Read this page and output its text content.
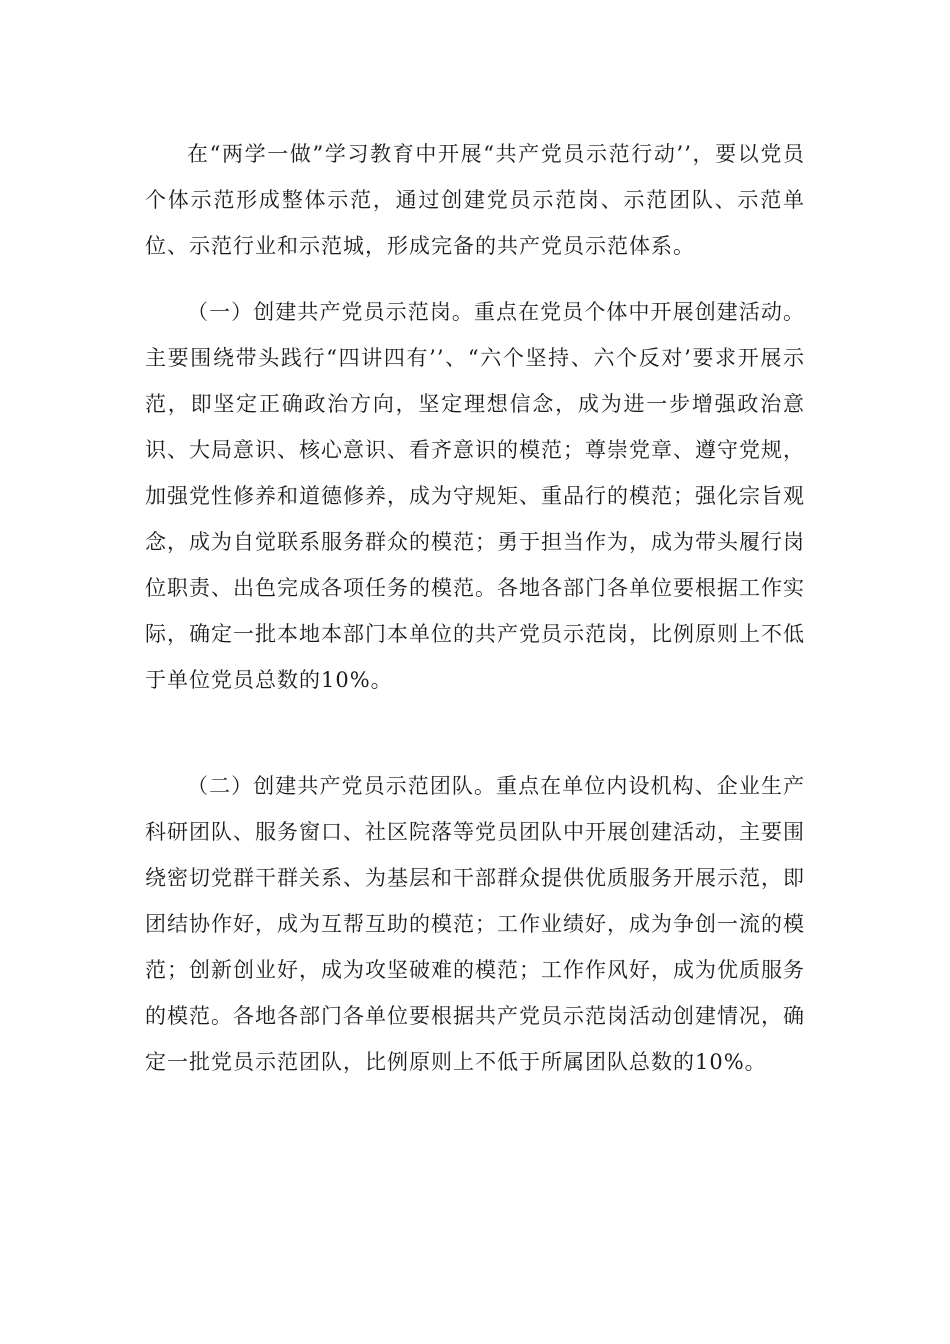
在“两学一做”学习教育中开展“共产党员示范行动’’，要以党员个体示范形成整体示范，通过创建党员示范岗、示范团队、示范单位、示范行业和示范城，形成完备的共产党员示范体系。

（一）创建共产党员示范岗。重点在党员个体中开展创建活动。主要围绕带头践行“四讲四有’’、“六个坚持、六个反对’要求开展示范，即坚定正确政治方向，坚定理想信念，成为进一步增强政治意识、大局意识、核心意识、看齐意识的模范；尊崇党章、遵守党规，加强党性修养和道德修养，成为守规矩、重品行的模范；强化宗旨观念，成为自觉联系服务群众的模范；勇于担当作为，成为带头履行岗位职责、出色完成各项任务的模范。各地各部门各单位要根据工作实际，确定一批本地本部门本单位的共产党员示范岗，比例原则上不低于单位党员总数的10%。

（二）创建共产党员示范团队。重点在单位内设机构、企业生产科研团队、服务窗口、社区院落等党员团队中开展创建活动，主要围绕密切党群干群关系、为基层和干部群众提供优质服务开展示范，即团结协作好，成为互帮互助的模范；工作业绩好，成为争创一流的模范；创新创业好，成为攻坚破难的模范；工作作风好，成为优质服务的模范。各地各部门各单位要根据共产党员示范岗活动创建情况，确定一批党员示范团队，比例原则上不低于所属团队总数的10%。
